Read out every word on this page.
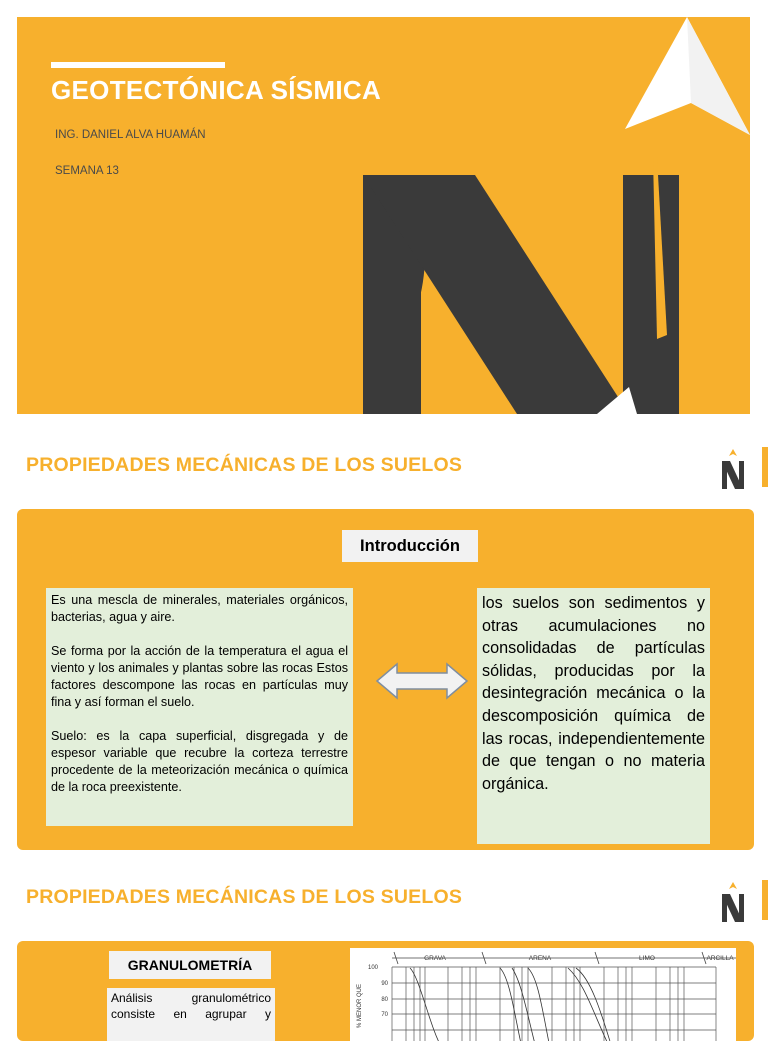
GEOTECTÓNICA SÍSMICA
ING. DANIEL ALVA HUAMÁN
SEMANA 13
PROPIEDADES MECÁNICAS DE LOS SUELOS
Introducción

Es una mescla de minerales, materiales orgánicos, bacterias, agua y aire.

Se forma por la acción de la temperatura el agua el viento y los animales y plantas sobre las rocas Estos factores descompone las rocas en partículas muy fina y así forman el suelo.

Suelo: es la capa superficial, disgregada y de espesor variable que recubre la corteza terrestre procedente de la meteorización mecánica o química de la roca preexistente.

los suelos son sedimentos y otras acumulaciones no consolidadas de partículas sólidas, producidas por la desintegración mecánica o la descomposición química de las rocas, independientemente de que tengan o no materia orgánica.
PROPIEDADES MECÁNICAS DE LOS SUELOS
GRANULOMETRÍA
Análisis granulométrico consiste en agrupar y	% MENOR QUE
100
90
80
70
GRAVA	ARENA	LIMO	ARCILLA
